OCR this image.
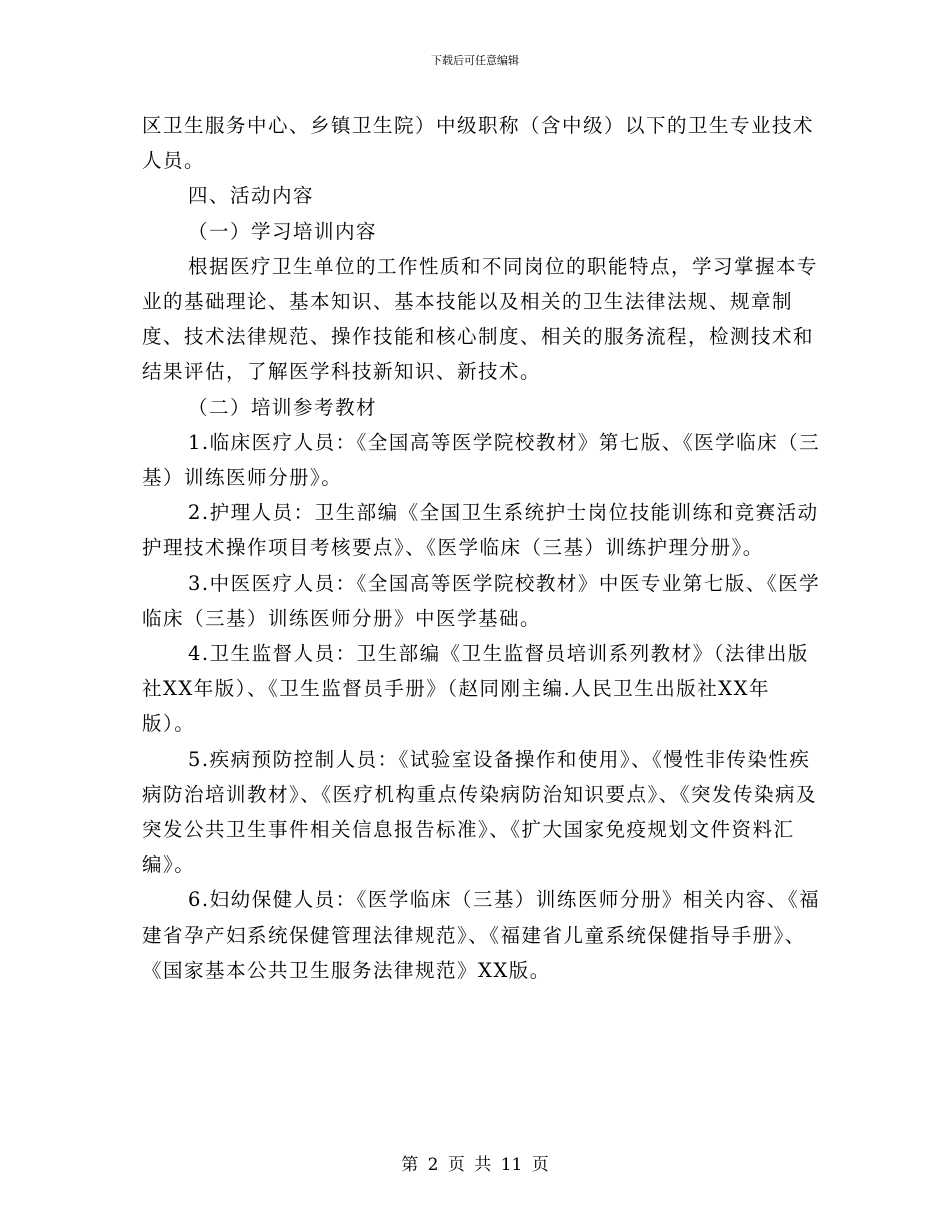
下载后可任意编辑

区卫生服务中心、乡镇卫生院）中级职称（含中级）以下的卫生专业技术人员。

四、活动内容

（一）学习培训内容

根据医疗卫生单位的工作性质和不同岗位的职能特点，学习掌握本专业的基础理论、基本知识、基本技能以及相关的卫生法律法规、规章制度、技术法律规范、操作技能和核心制度、相关的服务流程，检测技术和结果评估，了解医学科技新知识、新技术。

（二）培训参考教材

1.临床医疗人员：《全国高等医学院校教材》第七版、《医学临床（三基）训练医师分册》。

2.护理人员：卫生部编《全国卫生系统护士岗位技能训练和竞赛活动护理技术操作项目考核要点》、《医学临床（三基）训练护理分册》。

3.中医医疗人员：《全国高等医学院校教材》中医专业第七版、《医学临床（三基）训练医师分册》中医学基础。

4.卫生监督人员：卫生部编《卫生监督员培训系列教材》（法律出版社XX年版）、《卫生监督员手册》（赵同刚主编.人民卫生出版社XX年版）。

5.疾病预防控制人员：《试验室设备操作和使用》、《慢性非传染性疾病防治培训教材》、《医疗机构重点传染病防治知识要点》、《突发传染病及突发公共卫生事件相关信息报告标准》、《扩大国家免疫规划文件资料汇编》。

6.妇幼保健人员：《医学临床（三基）训练医师分册》相关内容、《福建省孕产妇系统保健管理法律规范》、《福建省儿童系统保健指导手册》、《国家基本公共卫生服务法律规范》XX版。

第 2 页 共 11 页
